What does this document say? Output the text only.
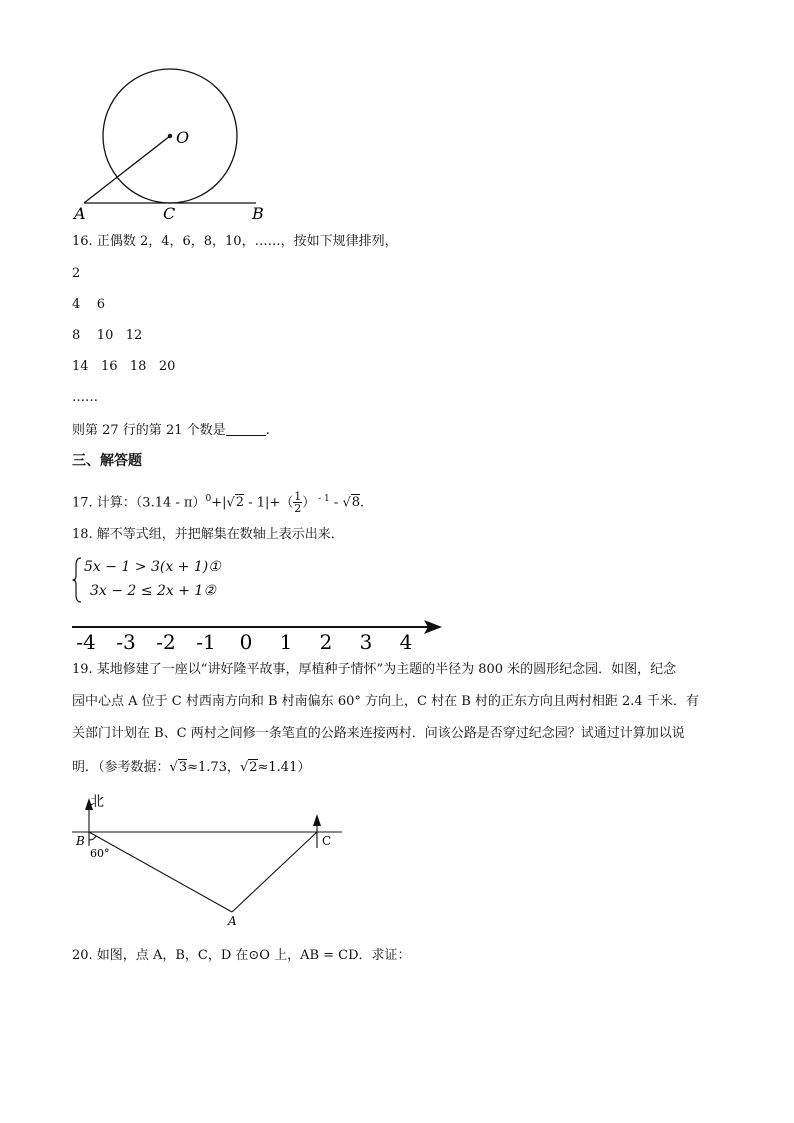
O
A	C	B
16. 正偶数 2，4，6，8，10，……，按如下规律排列，
2
4    6
8    10   12
14   16   18   20
……
则第 27 行的第 21 个数是	.
三、解答题
17. 计算：$(3.14 - \pi)^0+|√2 - 1|+( \frac{1}{2}$ ） $^{- 1}$ - √8.
18. 解不等式组，并把解集在数轴上表示出来．
5x − 1 > 3(x + 1)①
3x − 2 ≤ 2x + 1②
-4 -3 -2 -1 0 1 2 3 4
19. 某地修建了一座以“讲好隆平故事，厚植种子情怀”为主题的半径为 800 米的圆形纪念园．如图，纪念
园中心点 A 位于 C 村西南方向和 B 村南偏东 60° 方向上，C 村在 B 村的正东方向且两村相距 2.4 千米．有
关部门计划在 B、C 两村之间修一条笔直的公路来连接两村．问该公路是否穿过纪念园？试通过计算加以说
明．（参考数据：√3≈1.73，√2≈1.41）
北
B	C
60°
A
20. 如图，点 A，B，C，D 在⊙O 上，AB = CD．求证：
